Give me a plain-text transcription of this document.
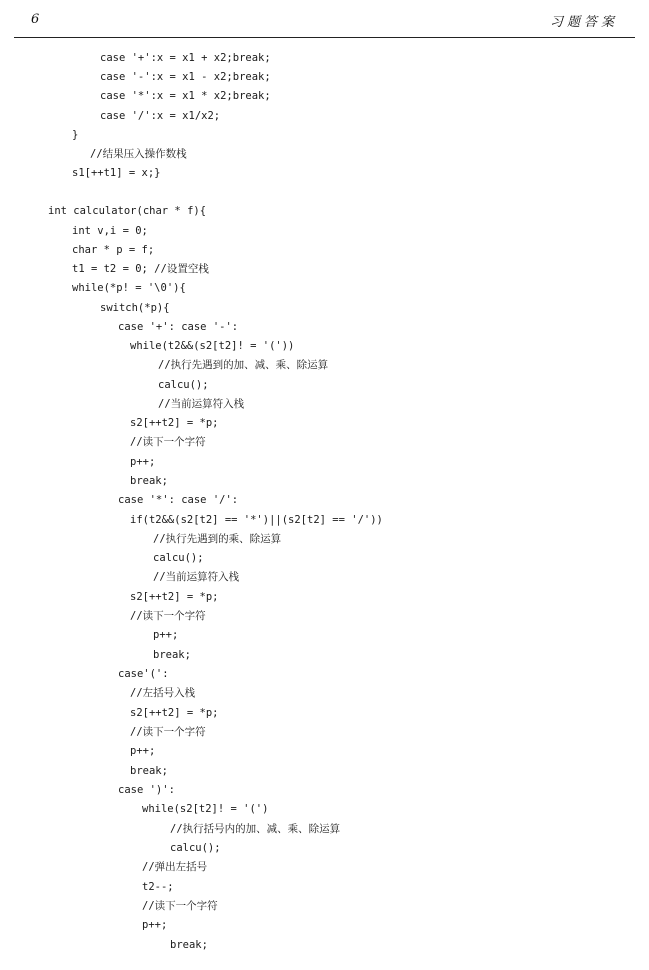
6	习题答案
case '+':x = x1 + x2;break;
case '-':x = x1 - x2;break;
case '*':x = x1 * x2;break;
case '/':x = x1/x2;
}
//结果压入操作数栈
s1[++t1] = x;}
int calculator(char * f){
int v,i = 0;
char * p = f;
t1 = t2 = 0; //设置空栈
while(*p! = '\0'){
switch(*p){
case '+': case '-':
while(t2&&(s2[t2]! = '('))
//执行先遇到的加、减、乘、除运算
calcu();
//当前运算符入栈
s2[++t2] = *p;
//读下一个字符
p++;
break;
case '*': case '/':
if(t2&&(s2[t2] == '*')||(s2[t2] == '/'))
//执行先遇到的乘、除运算
calcu();
//当前运算符入栈
s2[++t2] = *p;
//读下一个字符
p++;
break;
case'(':
//左括号入栈
s2[++t2] = *p;
//读下一个字符
p++;
break;
case ')':
while(s2[t2]! = '(')
//执行括号内的加、减、乘、除运算
calcu();
//弹出左括号
t2--;
//读下一个字符
p++;
break;
